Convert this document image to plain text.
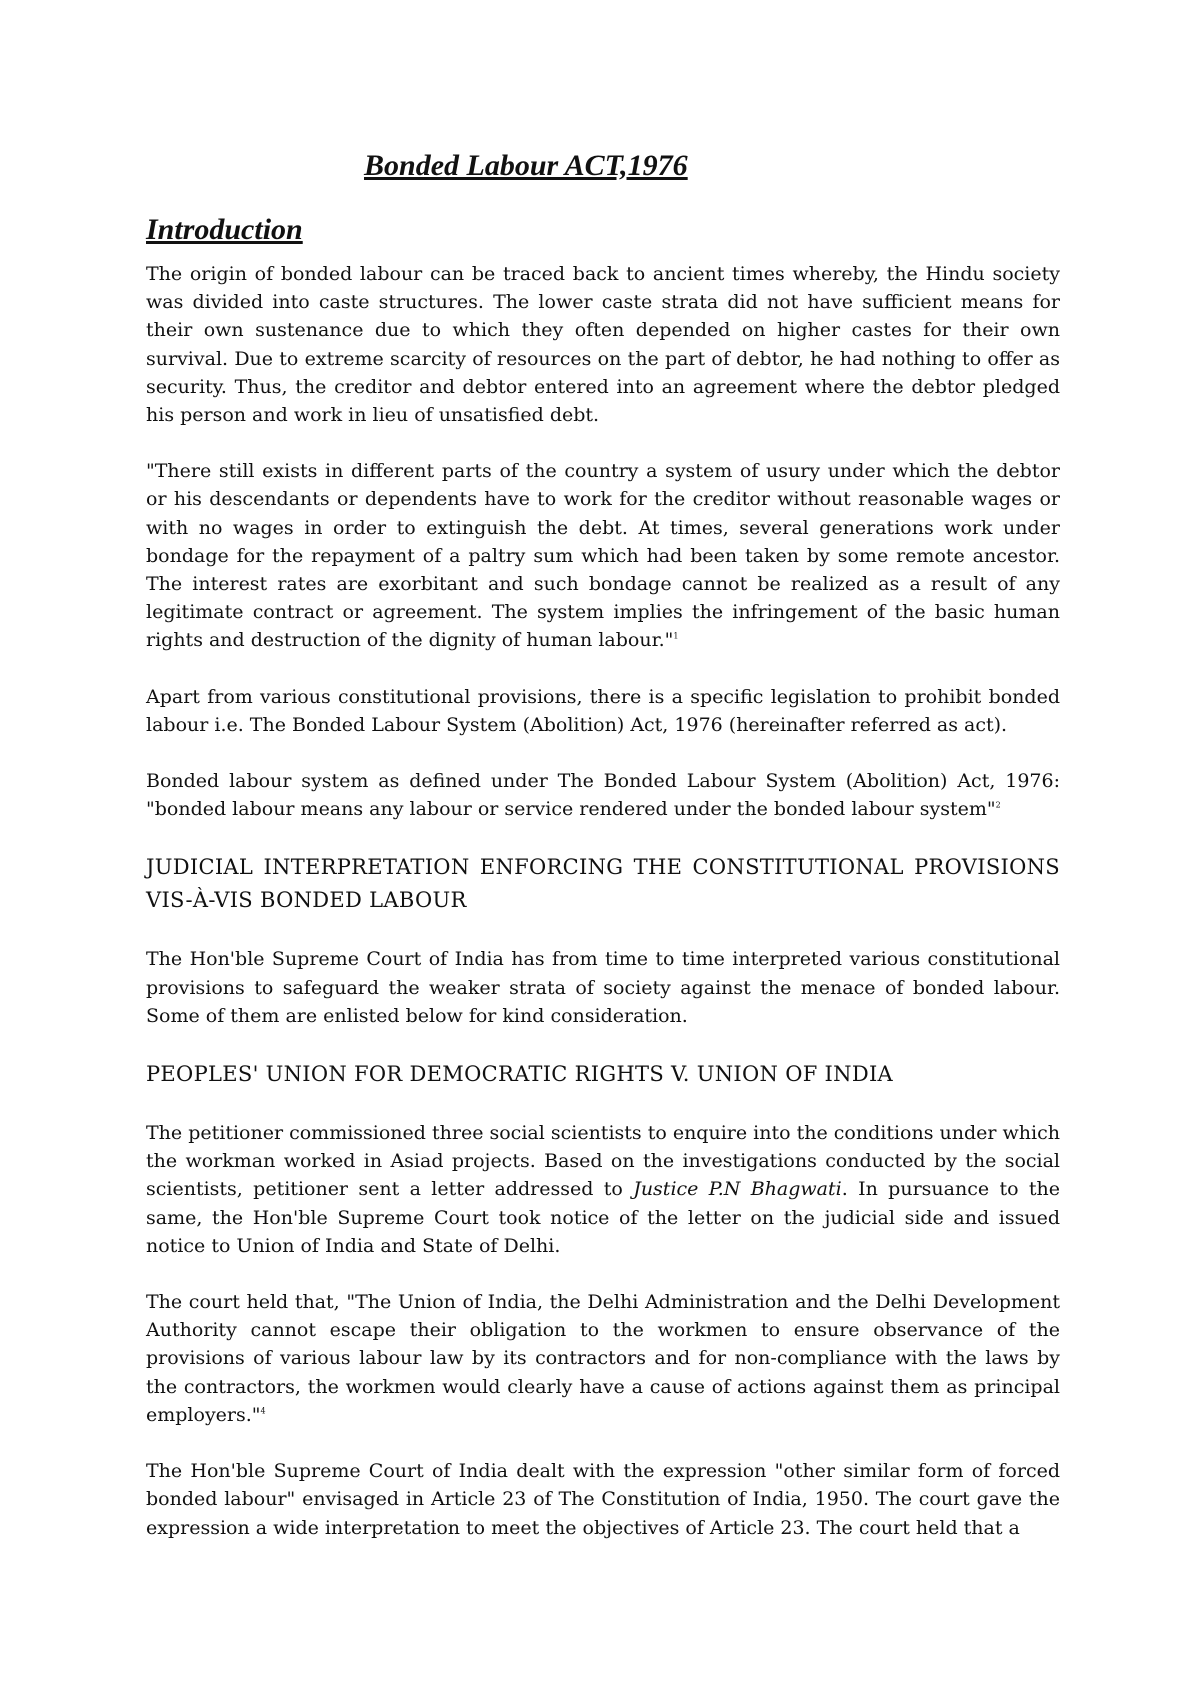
Bonded Labour ACT,1976
Introduction

The origin of bonded labour can be traced back to ancient times whereby, the Hindu society was divided into caste structures. The lower caste strata did not have sufficient means for their own sustenance due to which they often depended on higher castes for their own survival. Due to extreme scarcity of resources on the part of debtor, he had nothing to offer as security. Thus, the creditor and debtor entered into an agreement where the debtor pledged his person and work in lieu of unsatisfied debt.

"There still exists in different parts of the country a system of usury under which the debtor or his descendants or dependents have to work for the creditor without reasonable wages or with no wages in order to extinguish the debt. At times, several generations work under bondage for the repayment of a paltry sum which had been taken by some remote ancestor. The interest rates are exorbitant and such bondage cannot be realized as a result of any legitimate contract or agreement. The system implies the infringement of the basic human rights and destruction of the dignity of human labour."$^1$

Apart from various constitutional provisions, there is a specific legislation to prohibit bonded labour i.e. The Bonded Labour System (Abolition) Act, 1976 (hereinafter referred as act).

Bonded labour system as defined under The Bonded Labour System (Abolition) Act, 1976: "bonded labour means any labour or service rendered under the bonded labour system"$^2$

JUDICIAL INTERPRETATION ENFORCING THE CONSTITUTIONAL PROVISIONS VIS-À-VIS BONDED LABOUR

The Hon'ble Supreme Court of India has from time to time interpreted various constitutional provisions to safeguard the weaker strata of society against the menace of bonded labour. Some of them are enlisted below for kind consideration.

PEOPLES' UNION FOR DEMOCRATIC RIGHTS V. UNION OF INDIA

The petitioner commissioned three social scientists to enquire into the conditions under which the workman worked in Asiad projects. Based on the investigations conducted by the social scientists, petitioner sent a letter addressed to Justice P.N Bhagwati. In pursuance to the same, the Hon'ble Supreme Court took notice of the letter on the judicial side and issued notice to Union of India and State of Delhi.

The court held that, "The Union of India, the Delhi Administration and the Delhi Development Authority cannot escape their obligation to the workmen to ensure observance of the provisions of various labour law by its contractors and for non-compliance with the laws by the contractors, the workmen would clearly have a cause of actions against them as principal employers."$^4$

The Hon'ble Supreme Court of India dealt with the expression "other similar form of forced bonded labour" envisaged in Article 23 of The Constitution of India, 1950. The court gave the expression a wide interpretation to meet the objectives of Article 23. The court held that a
